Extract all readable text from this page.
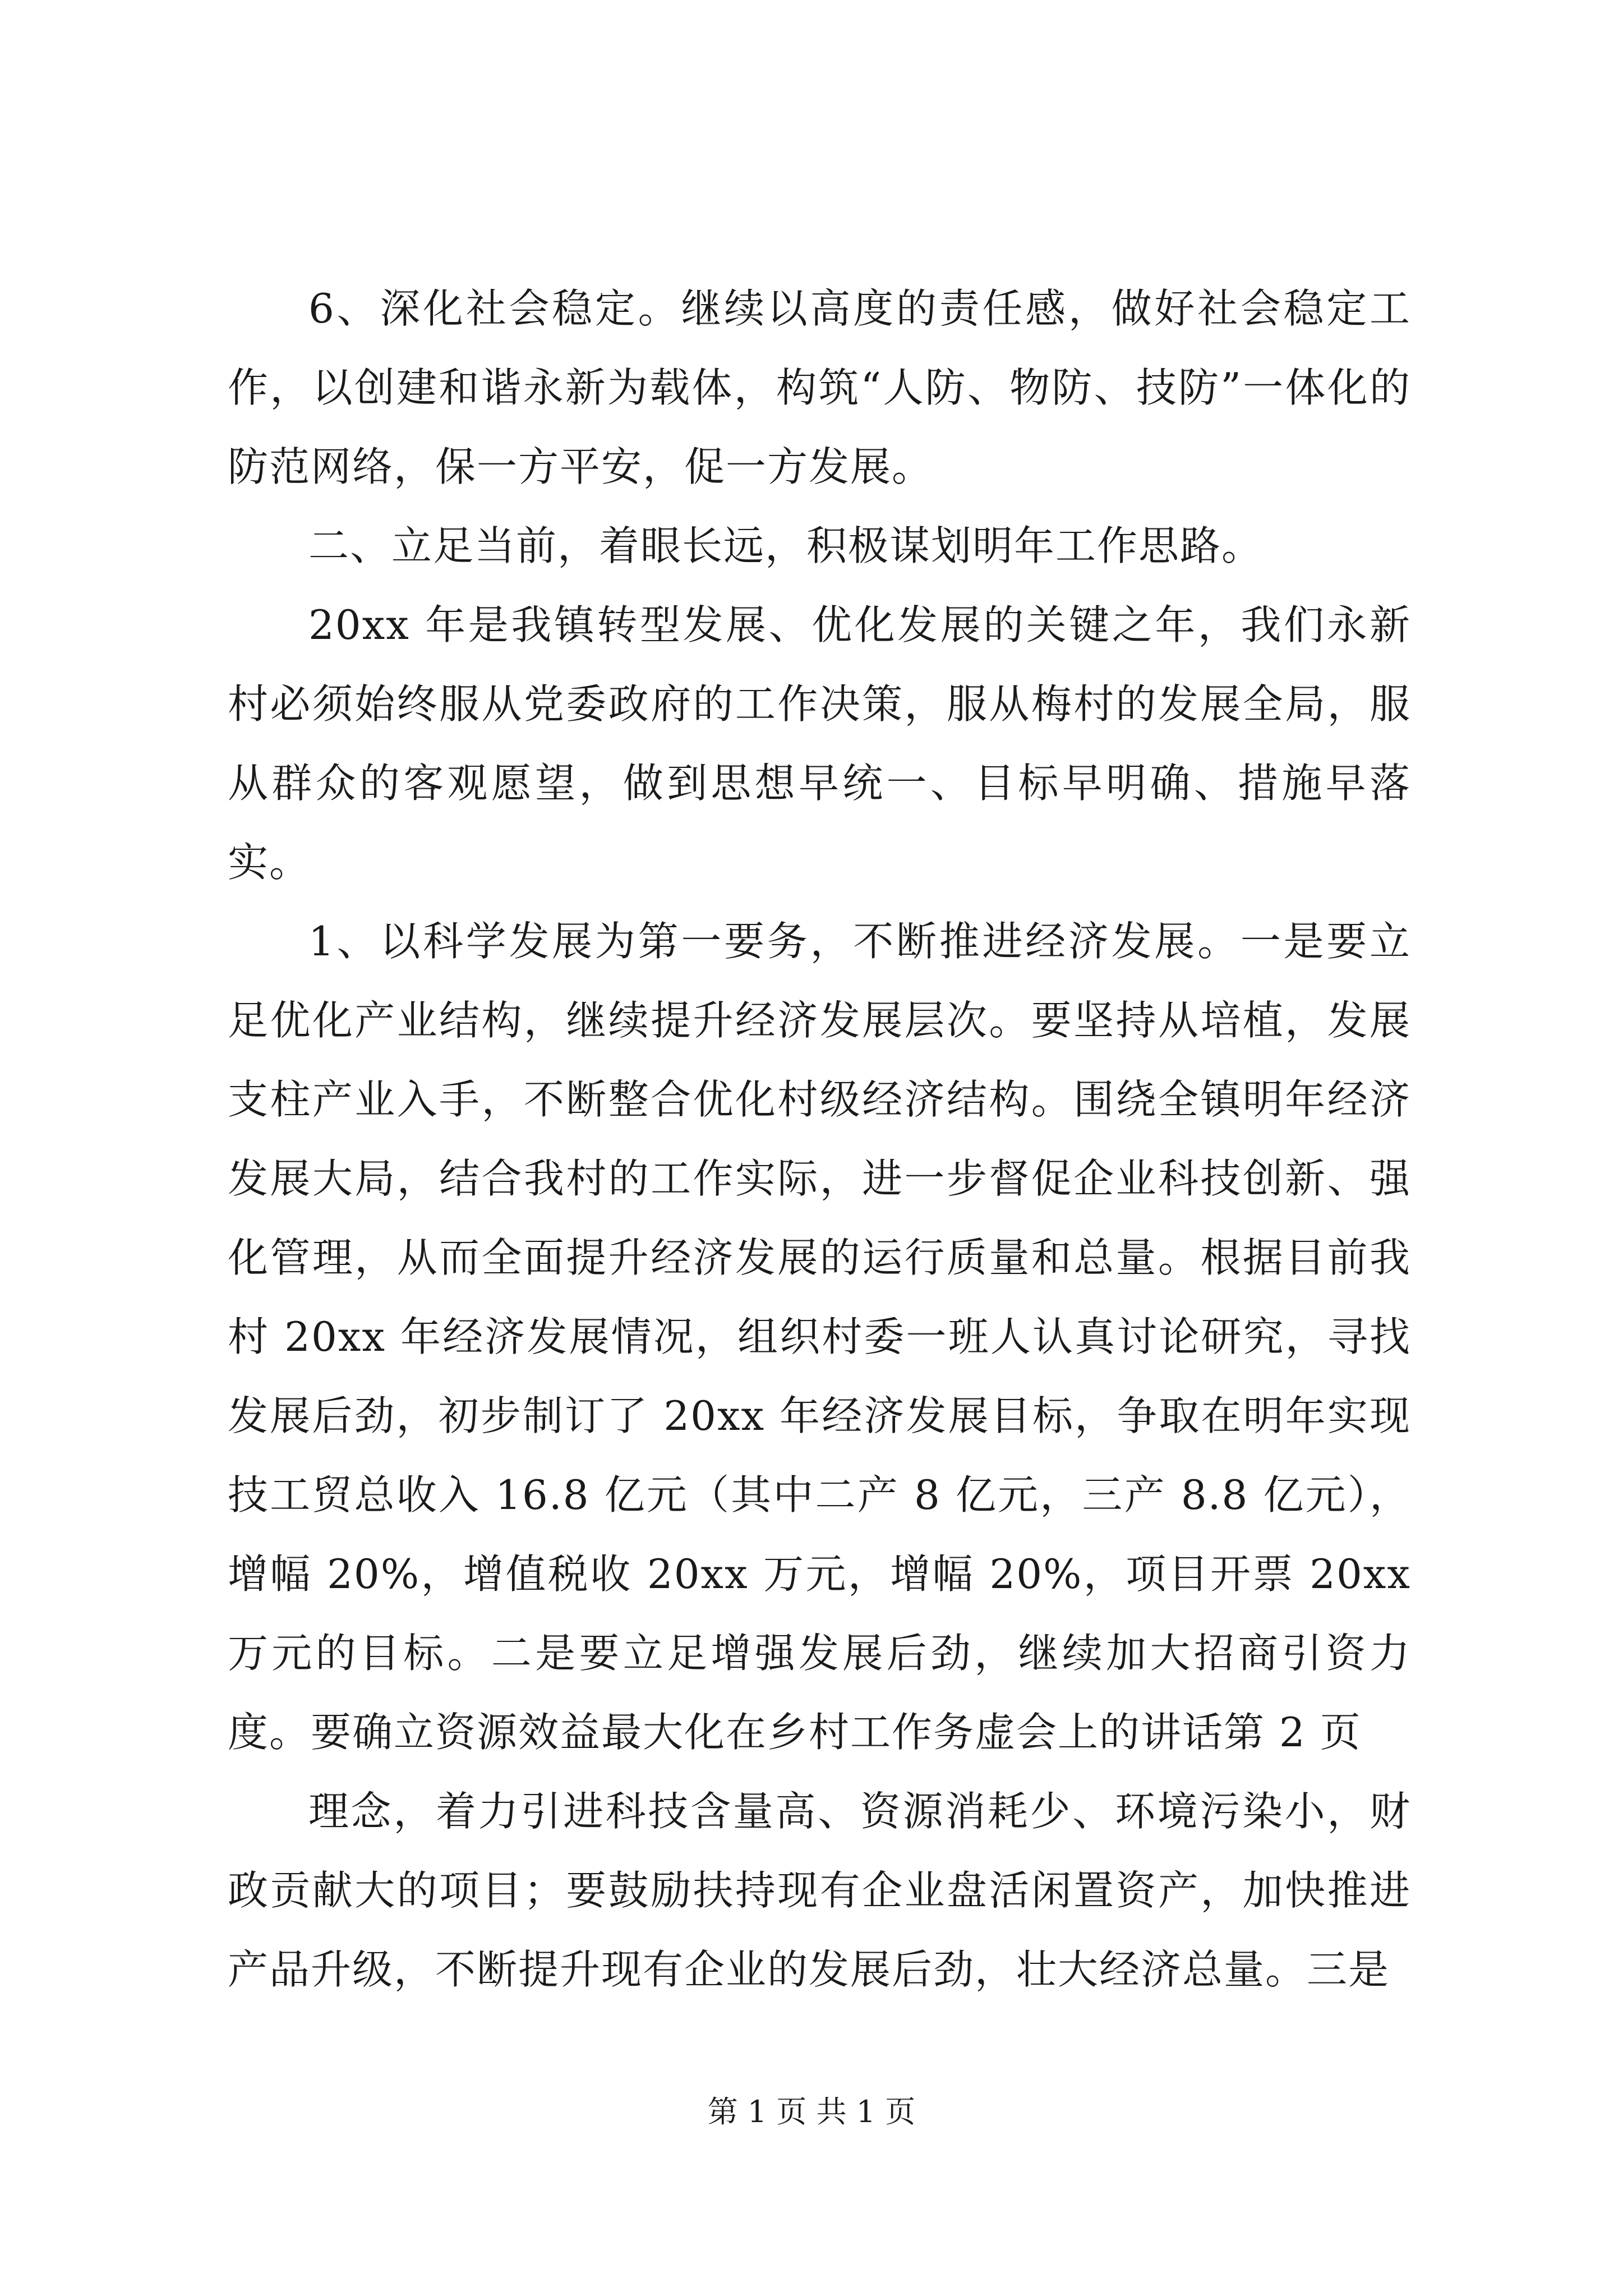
6、深化社会稳定。继续以高度的责任感，做好社会稳定工作，以创建和谐永新为载体，构筑“人防、物防、技防”一体化的防范网络，保一方平安，促一方发展。

二、立足当前，着眼长远，积极谋划明年工作思路。

20xx 年是我镇转型发展、优化发展的关键之年，我们永新村必须始终服从党委政府的工作决策，服从梅村的发展全局，服从群众的客观愿望，做到思想早统一、目标早明确、措施早落实。

1、以科学发展为第一要务，不断推进经济发展。一是要立足优化产业结构，继续提升经济发展层次。要坚持从培植，发展支柱产业入手，不断整合优化村级经济结构。围绕全镇明年经济发展大局，结合我村的工作实际，进一步督促企业科技创新、强化管理，从而全面提升经济发展的运行质量和总量。根据目前我村 20xx 年经济发展情况，组织村委一班人认真讨论研究，寻找发展后劲，初步制订了 20xx 年经济发展目标，争取在明年实现技工贸总收入 16.8 亿元（其中二产 8 亿元，三产 8.8 亿元），增幅 20%，增值税收 20xx 万元，增幅 20%，项目开票 20xx 万元的目标。二是要立足增强发展后劲，继续加大招商引资力度。要确立资源效益最大化在乡村工作务虚会上的讲话第 2 页

理念，着力引进科技含量高、资源消耗少、环境污染小，财政贡献大的项目；要鼓励扶持现有企业盘活闲置资产，加快推进产品升级，不断提升现有企业的发展后劲，壮大经济总量。三是

第 1 页 共 1 页
